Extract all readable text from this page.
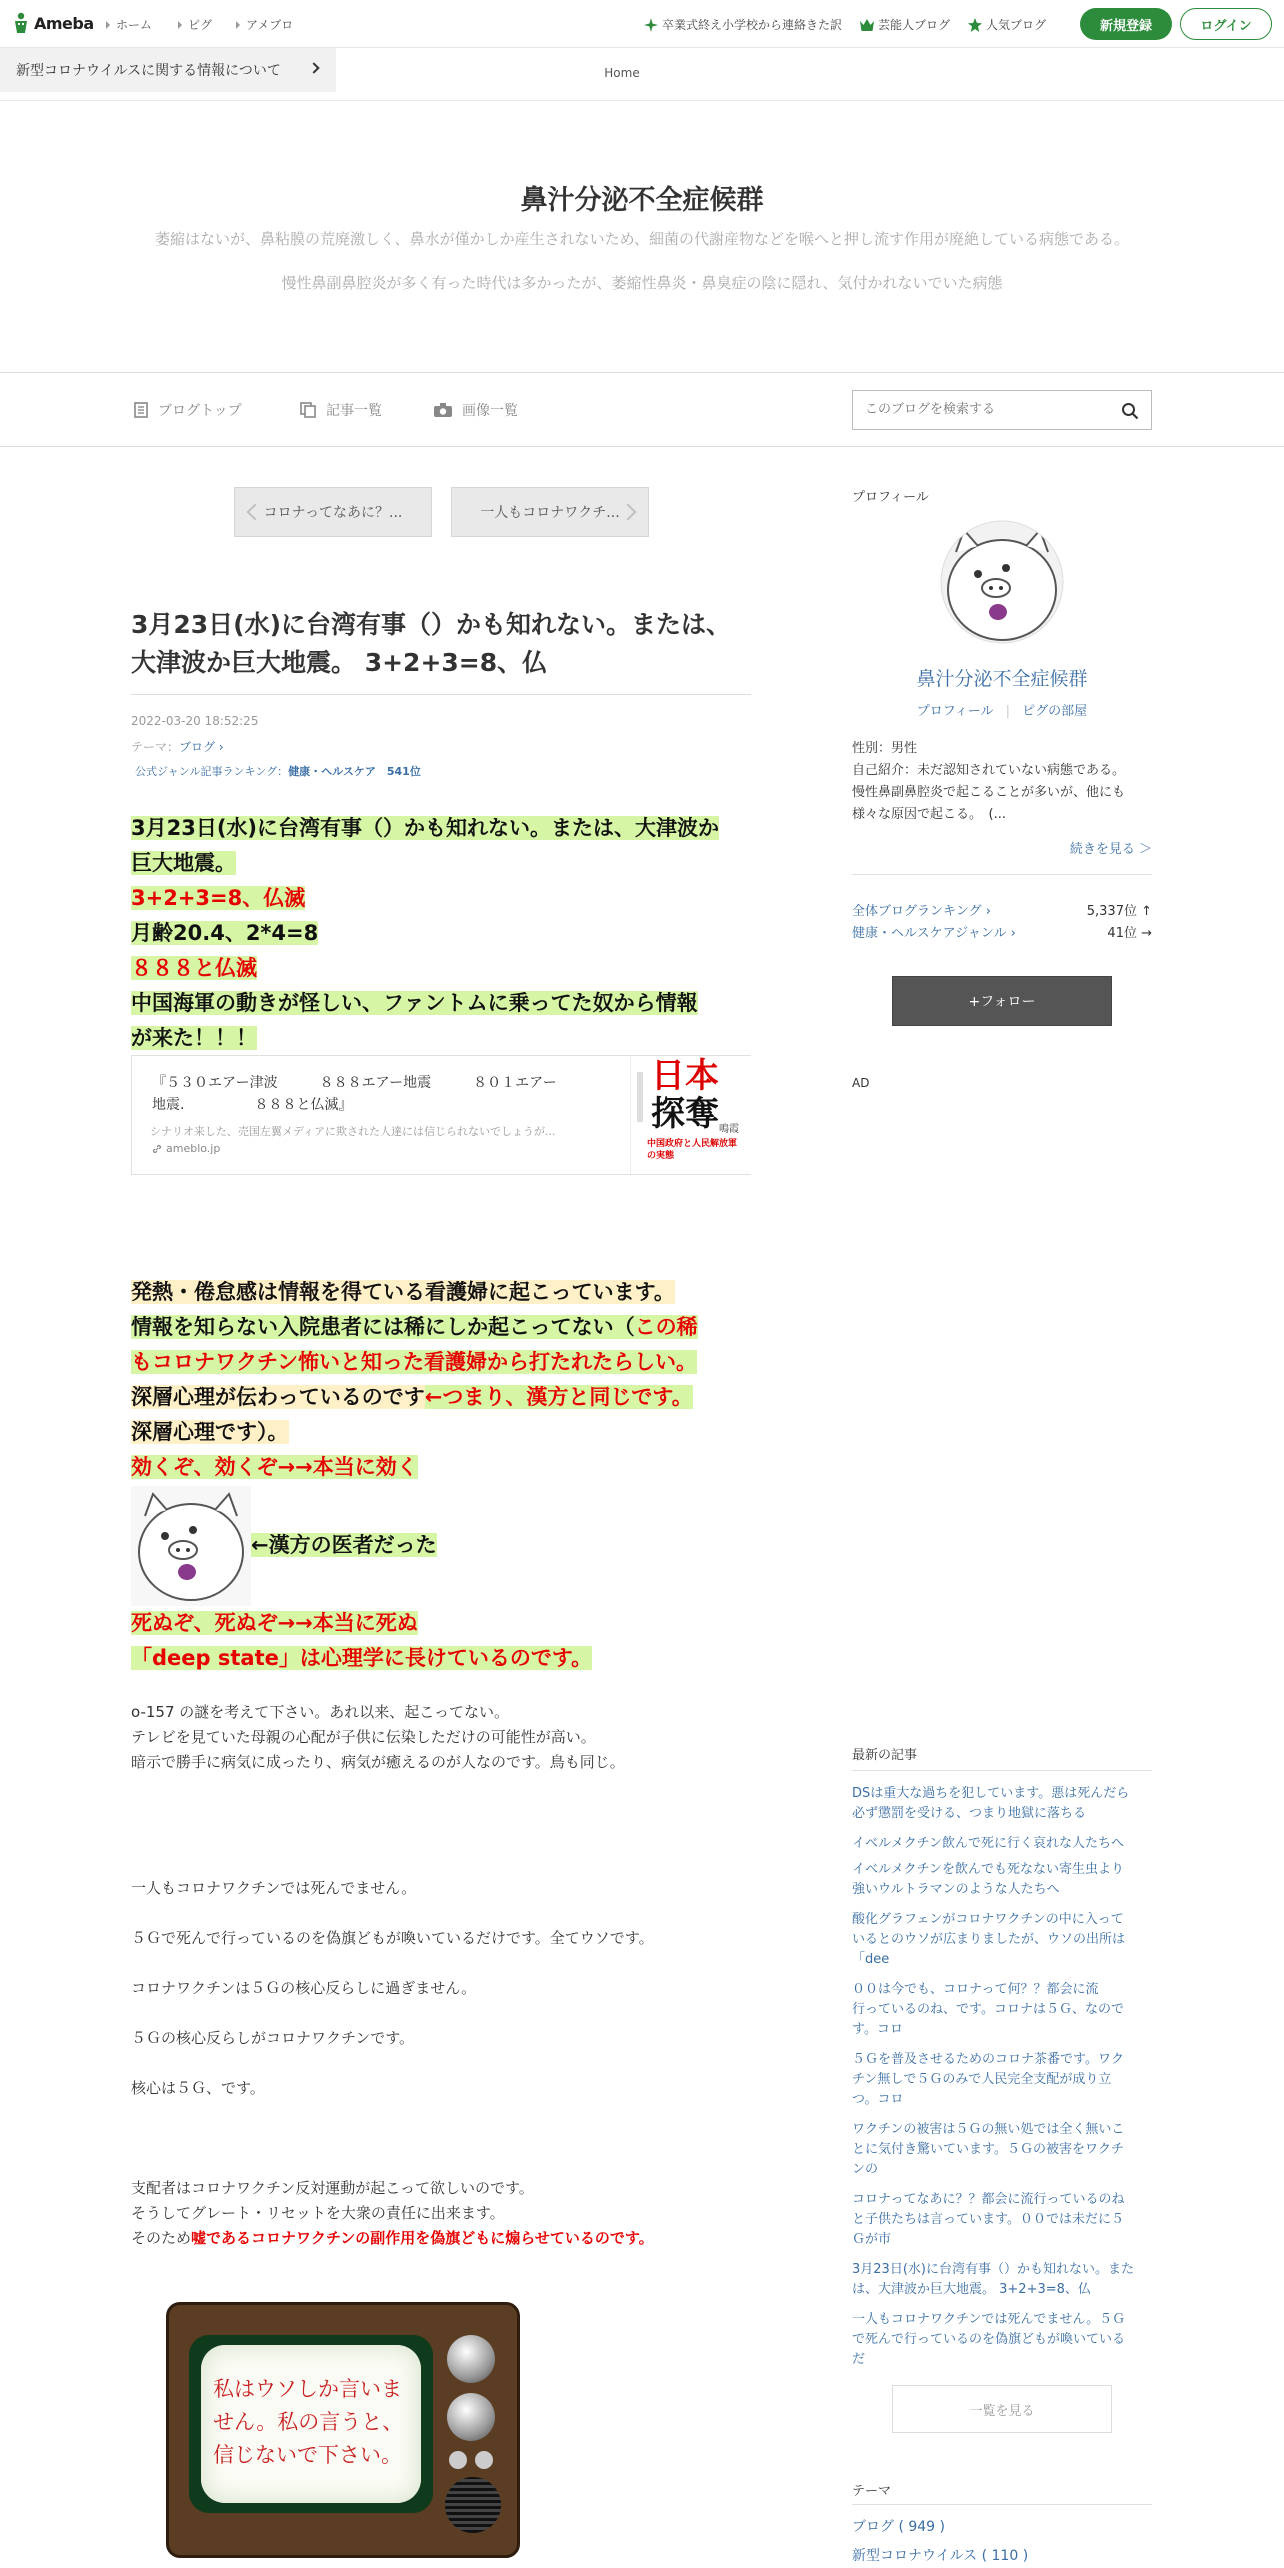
Ameba ホーム	ピグ	アメブロ	卒業式終え小学校から連絡きた訳	芸能人ブログ	人気ブログ	新規登録	ログイン
新型コロナウイルスに関する情報について	Home
鼻汁分泌不全症候群
萎縮はないが、鼻粘膜の荒廃激しく、鼻水が僅かしか産生されないため、細菌の代謝産物などを喉へと押し流す作用が廃絶している病態である。
慢性鼻副鼻腔炎が多く有った時代は多かったが、萎縮性鼻炎・鼻臭症の陰に隠れ、気付かれないでいた病態
ブログトップ	記事一覧	画像一覧
このブログを検索する
コロナってなあに？...	一人もコロナワクチ...
3月23日(水)に台湾有事（）かも知れない。または、
大津波か巨大地震。 3+2+3=8、仏
2022-03-20 18:52:25
テーマ：ブログ ›
公式ジャンル記事ランキング：健康・ヘルスケア　541位
3月23日(水)に台湾有事（）かも知れない。または、大津波か
巨大地震。
3+2+3=8、仏滅
月齢20.4、2*4=8
８８８と仏滅
中国海軍の動きが怪しい、ファントムに乗ってた奴から情報
が来た！！！
『５３０エアー津波　　　８８８エアー地震　　　８０１エアー
地震.　　　　　８８８と仏滅』
シナリオ来した、売国左翼メディアに欺された人達には信じられないでしょうが...
ameblo.jp
日本
探奪 鳴霞
中国政府と人民解放軍の実態
発熱・倦怠感は情報を得ている看護婦に起こっています。
情報を知らない入院患者には稀にしか起こってない（この稀
もコロナワクチン怖いと知った看護婦から打たれたらしい。
深層心理が伝わっているのです←つまり、漢方と同じです。
深層心理です）。
効くぞ、効くぞ→→本当に効く
←漢方の医者だった
死ぬぞ、死ぬぞ→→本当に死ぬ
「deep state」は心理学に長けているのです。
o-157 の謎を考えて下さい。あれ以来、起こってない。
テレビを見ていた母親の心配が子供に伝染しただけの可能性が高い。
暗示で勝手に病気に成ったり、病気が癒えるのが人なのです。鳥も同じ。
一人もコロナワクチンでは死んでません。
５Ｇで死んで行っているのを偽旗どもが喚いているだけです。全てウソです。
コロナワクチンは５Ｇの核心反らしに過ぎません。
５Ｇの核心反らしがコロナワクチンです。
核心は５Ｇ、です。
支配者はコロナワクチン反対運動が起こって欲しいのです。
そうしてグレート・リセットを大衆の責任に出来ます。
そのため嘘であるコロナワクチンの副作用を偽旗どもに煽らせているのです。
私はウソしか言いま
せん。私の言うと、
信じないで下さい。
プロフィール
鼻汁分泌不全症候群
プロフィール | ピグの部屋
性別：男性
自己紹介：未だ認知されていない病態である。
慢性鼻副鼻腔炎で起こることが多いが、他にも
様々な原因で起こる。　(...
続きを見る ＞
全体ブログランキング ›	5,337位 ↑
健康・ヘルスケアジャンル ›	41位 →
+フォロー
AD
最新の記事
DSは重大な過ちを犯しています。悪は死んだら
必ず懲罰を受ける、つまり地獄に落ちる
イベルメクチン飲んで死に行く哀れな人たちへ
イベルメクチンを飲んでも死なない寄生虫より
強いウルトラマンのような人たちへ
酸化グラフェンがコロナワクチンの中に入って
いるとのウソが広まりましたが、ウソの出所は
「dee
００は今でも、コロナって何？？都会に流
行っているのね、です。コロナは５Ｇ、なので
す。コロ
５Ｇを普及させるためのコロナ茶番です。ワク
チン無しで５Ｇのみで人民完全支配が成り立
つ。コロ
ワクチンの被害は５Ｇの無い処では全く無いこ
とに気付き驚いています。５Ｇの被害をワクチ
ンの
コロナってなあに？？都会に流行っているのね
と子供たちは言っています。００では未だに５
Ｇが市
3月23日(水)に台湾有事（）かも知れない。また
は、大津波か巨大地震。 3+2+3=8、仏
一人もコロナワクチンでは死んでません。５Ｇ
で死んで行っているのを偽旗どもが喚いている
だ
一覧を見る
テーマ
ブログ ( 949 )
新型コロナウイルス ( 110 )
